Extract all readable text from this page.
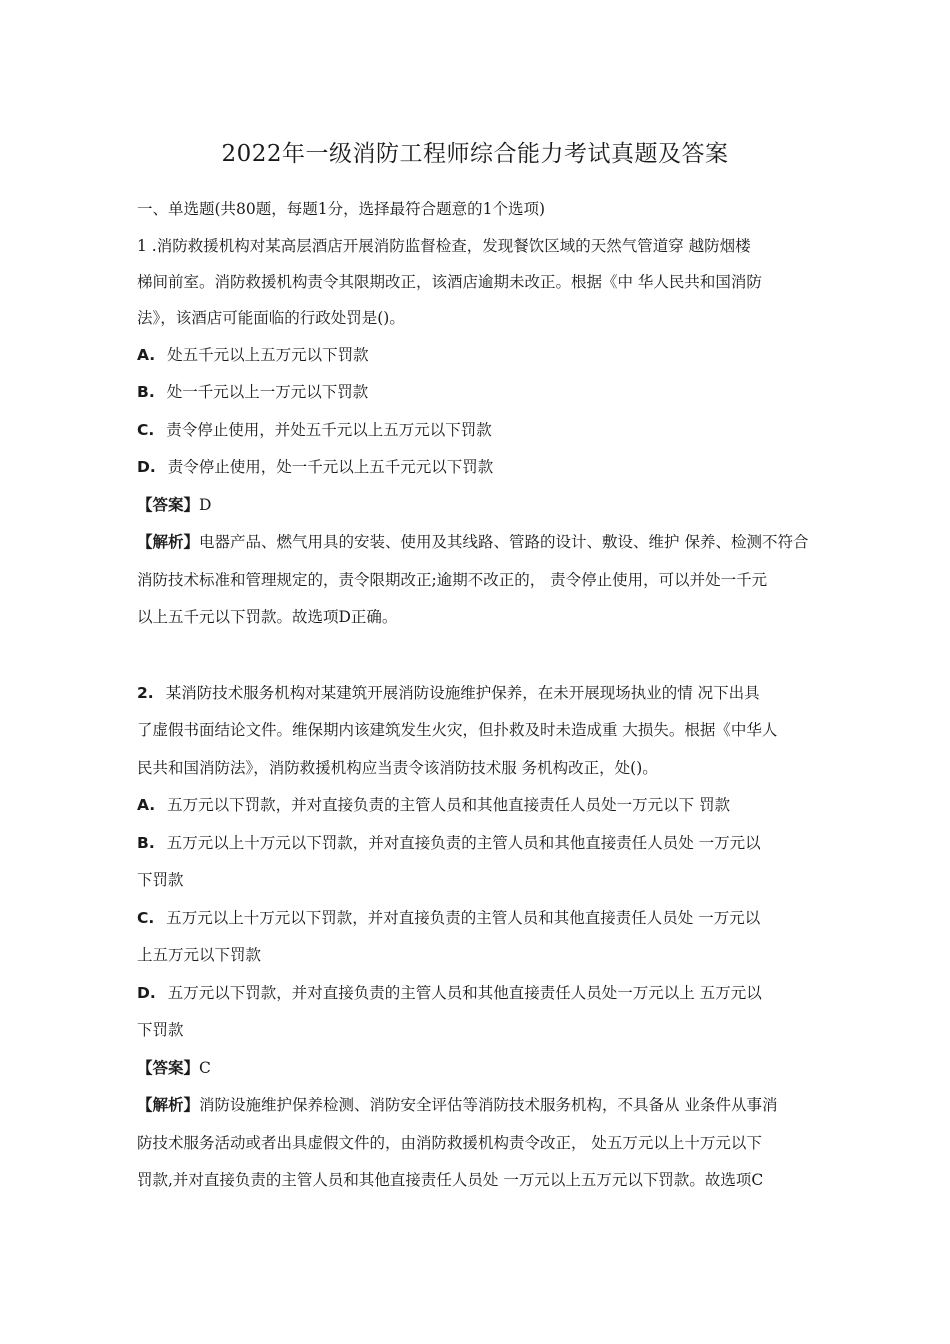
2022年一级消防工程师综合能力考试真题及答案
一、单选题(共80题，每题1分，选择最符合题意的1个选项)
1 .消防救援机构对某高层酒店开展消防监督检查，发现餐饮区域的天然气管道穿 越防烟楼
梯间前室。消防救援机构责令其限期改正，该酒店逾期未改正。根据《中 华人民共和国消防
法》，该酒店可能面临的行政处罚是()。
A. 处五千元以上五万元以下罚款
B. 处一千元以上一万元以下罚款
C. 责令停止使用，并处五千元以上五万元以下罚款
D. 责令停止使用，处一千元以上五千元元以下罚款
【答案】D
【解析】电器产品、燃气用具的安装、使用及其线路、管路的设计、敷设、维护 保养、检测不符合
消防技术标准和管理规定的，责令限期改正;逾期不改正的， 责令停止使用，可以并处一千元
以上五千元以下罚款。故选项D正确。
2. 某消防技术服务机构对某建筑开展消防设施维护保养，在未开展现场执业的情 况下出具
了虚假书面结论文件。维保期内该建筑发生火灾，但扑救及时未造成重 大损失。根据《中华人
民共和国消防法》，消防救援机构应当责令该消防技术服 务机构改正，处()。
A. 五万元以下罚款，并对直接负责的主管人员和其他直接责任人员处一万元以下 罚款
B. 五万元以上十万元以下罚款，并对直接负责的主管人员和其他直接责任人员处 一万元以
下罚款
C. 五万元以上十万元以下罚款，并对直接负责的主管人员和其他直接责任人员处 一万元以
上五万元以下罚款
D. 五万元以下罚款，并对直接负责的主管人员和其他直接责任人员处一万元以上 五万元以
下罚款
【答案】C
【解析】消防设施维护保养检测、消防安全评估等消防技术服务机构，不具备从 业条件从事消
防技术服务活动或者出具虚假文件的，由消防救援机构责令改正， 处五万元以上十万元以下
罚款,并对直接负责的主管人员和其他直接责任人员处 一万元以上五万元以下罚款。故选项C
